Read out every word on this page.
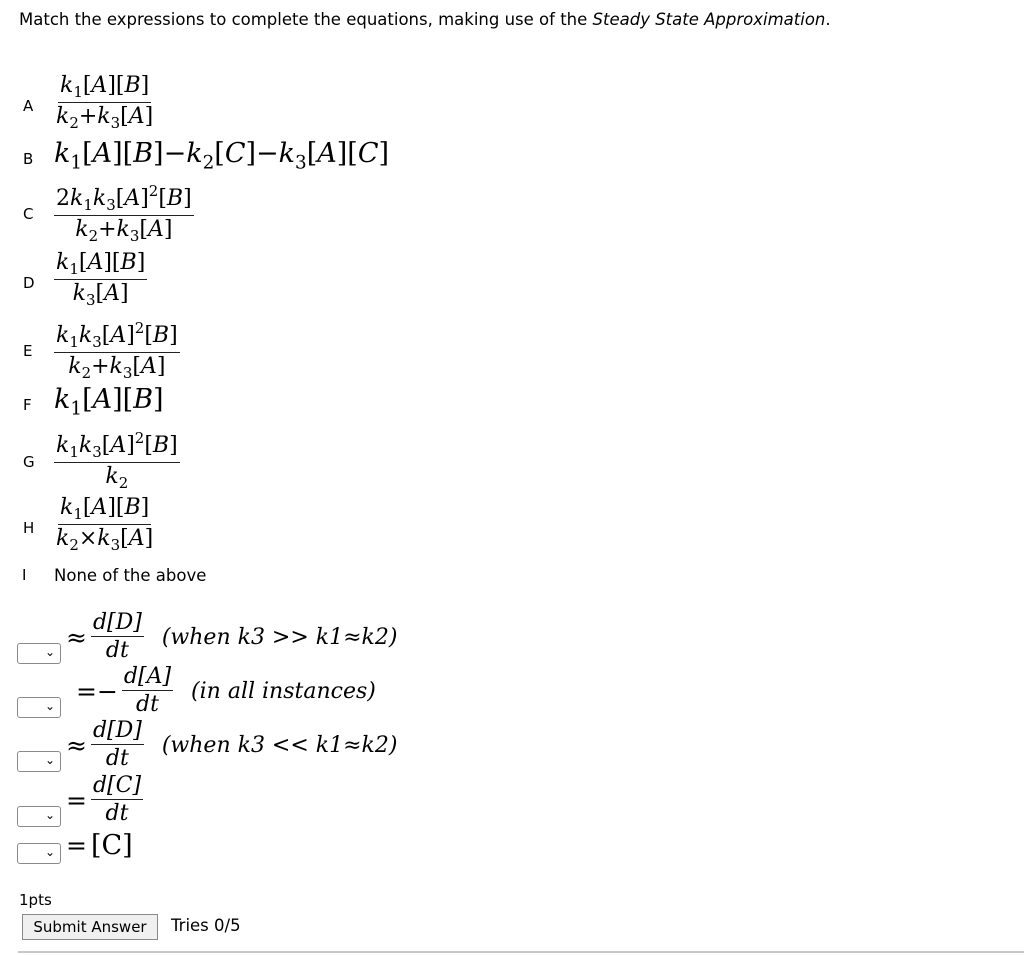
Match the expressions to complete the equations, making use of the Steady State Approximation.
A $\frac{k_1[A][B]}{k_2+k_3[A]}$
B $k_1[A][B]-k_2[C]-k_3[A][C]$
C $\frac{2k_1k_3[A]^2[B]}{k_2+k_3[A]}$
D $\frac{k_1[A][B]}{k_3[A]}$
E $\frac{k_1k_3[A]^2[B]}{k_2+k_3[A]}$
F $k_1[A][B]$
G $\frac{k_1k_3[A]^2[B]}{k_2}$
H $\frac{k_1[A][B]}{k_2\times k_3[A]}$
I None of the above
⌄
≈ $\frac{d[D]}{dt}$ (when k3 >> k1≈k2)
⌄
=− $\frac{d[A]}{dt} (in$ all instances)
⌄
≈ $\frac{d[D]}{dt}$ (when k3 << k1≈k2)
⌄
= $\frac{d[C]}{dt}$
⌄ = [C]
1pts
Submit Answer	Tries 0/5
